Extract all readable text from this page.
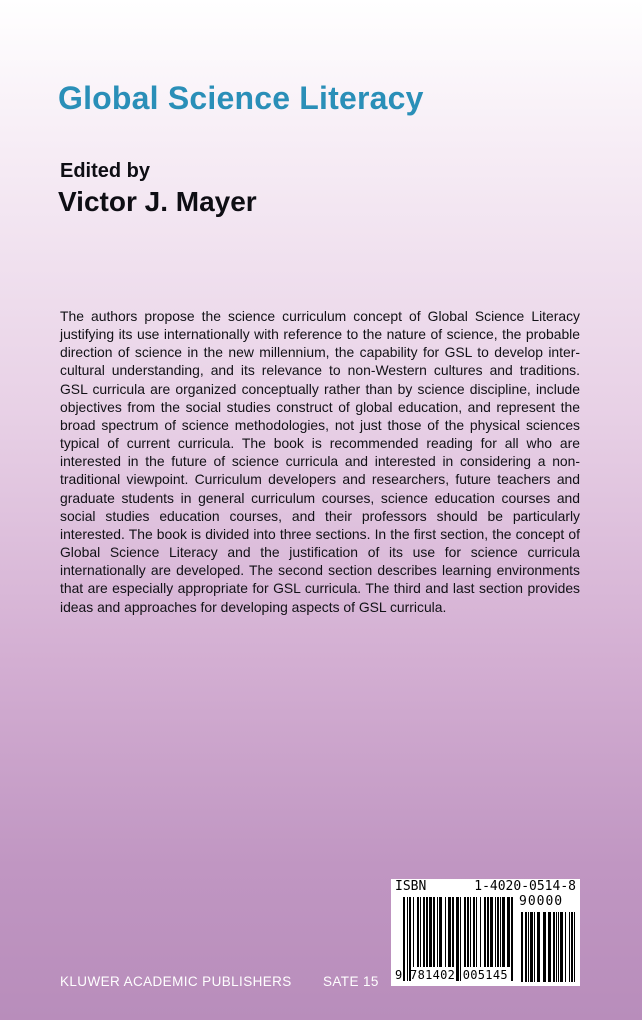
Global Science Literacy
Edited by
Victor J. Mayer
The authors propose the science curriculum concept of Global Science Literacy justifying its use internationally with reference to the nature of science, the probable direction of science in the new millennium, the capability for GSL to develop inter-cultural understanding, and its relevance to non-Western cultures and traditions. GSL curricula are organized conceptually rather than by science discipline, include objectives from the social studies construct of global education, and represent the broad spectrum of science methodologies, not just those of the physical sciences typical of current curricula. The book is recommended reading for all who are interested in the future of science curricula and interested in considering a non-traditional viewpoint. Curriculum developers and researchers, future teachers and graduate students in general curriculum courses, science education courses and social studies education courses, and their professors should be particularly interested. The book is divided into three sections. In the first section, the concept of Global Science Literacy and the justification of its use for science curricula internationally are developed. The second section describes learning environments that are especially appropriate for GSL curricula. The third and last section provides ideas and approaches for developing aspects of GSL curricula.
ISBN 1-4020-0514-8
90000
9 781402 005145
KLUWER ACADEMIC PUBLISHERS SATE 15
